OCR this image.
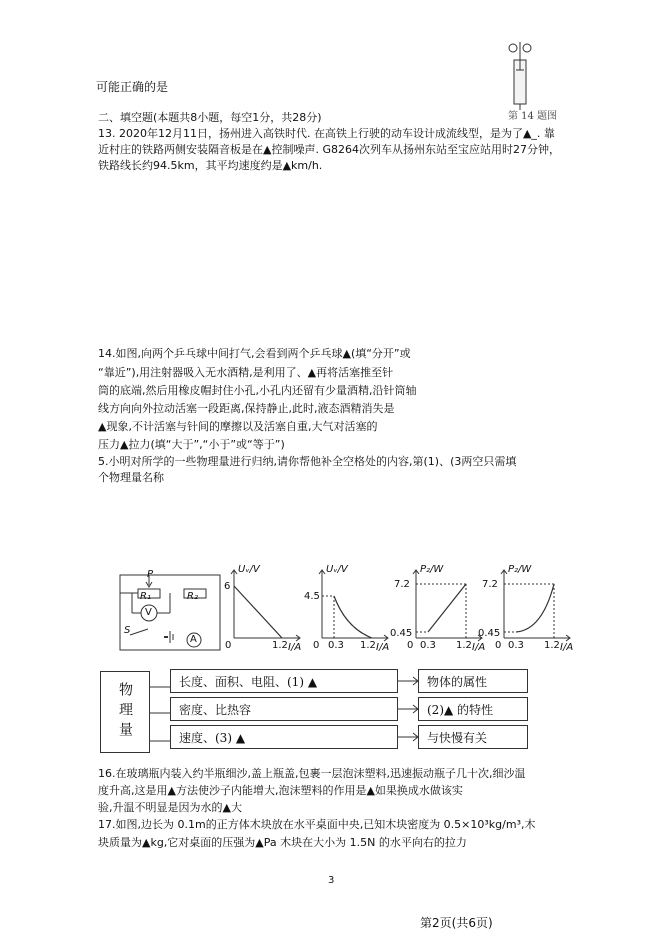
可能正确的是
第 14 题图
二、填空题(本题共8小题，每空1分，共28分)
13. 2020年12月11日，扬州进入高铁时代. 在高铁上行驶的动车设计成流线型，是为了▲_. 靠
近村庄的铁路两侧安装隔音板是在▲控制噪声. G8264次列车从扬州东站至宝应站用时27分钟，
铁路线长约94.5km，其平均速度约是▲km/h.
14.如图,向两个乒乓球中间打气,会看到两个乒乓球▲(填“分开”或
“靠近”),用注射器吸入无水酒精,是利用了、▲再将活塞推至针
筒的底端,然后用橡皮帽封住小孔,小孔内还留有少量酒精,沿针筒轴
线方向向外拉动活塞一段距离,保持静止,此时,液态酒精消失是
▲现象,不计活塞与针间的摩擦以及活塞自重,大气对活塞的
压力▲拉力(填“大于”,“小于”或“等于”)
5.小明对所学的一些物理量进行归纳,请你帮他补全空格处的内容,第(1)、(3两空只需填
个物理量名称
P
R₁	R₂
V
A
S
Uᵥ/V
6
0	1.2 I/A
Uᵥ/V
4.5
0 0.3 1.2 I/A
P₂/W
7.2
0.45
0 0.3 1.2 I/A
P₂/W
7.2
0.45
0 0.3 1.2 I/A
物理量
长度、面积、电阻、(1) ▲
密度、比热容
速度、(3) ▲
物体的属性
(2)▲ 的特性
与快慢有关
16.在玻璃瓶内装入约半瓶细沙,盖上瓶盖,包裹一层泡沫塑料,迅速振动瓶子几十次,细沙温
度升高,这是用▲方法使沙子内能增大,泡沫塑料的作用是▲如果换成水做该实
验,升温不明显是因为水的▲大
17.如图,边长为 0.1m的正方体木块放在水平桌面中央,已知木块密度为 0.5×10³kg/m³,木
块质量为▲kg,它对桌面的压强为▲Pa 木块在大小为 1.5N 的水平向右的拉力
3
第2页(共6页)
